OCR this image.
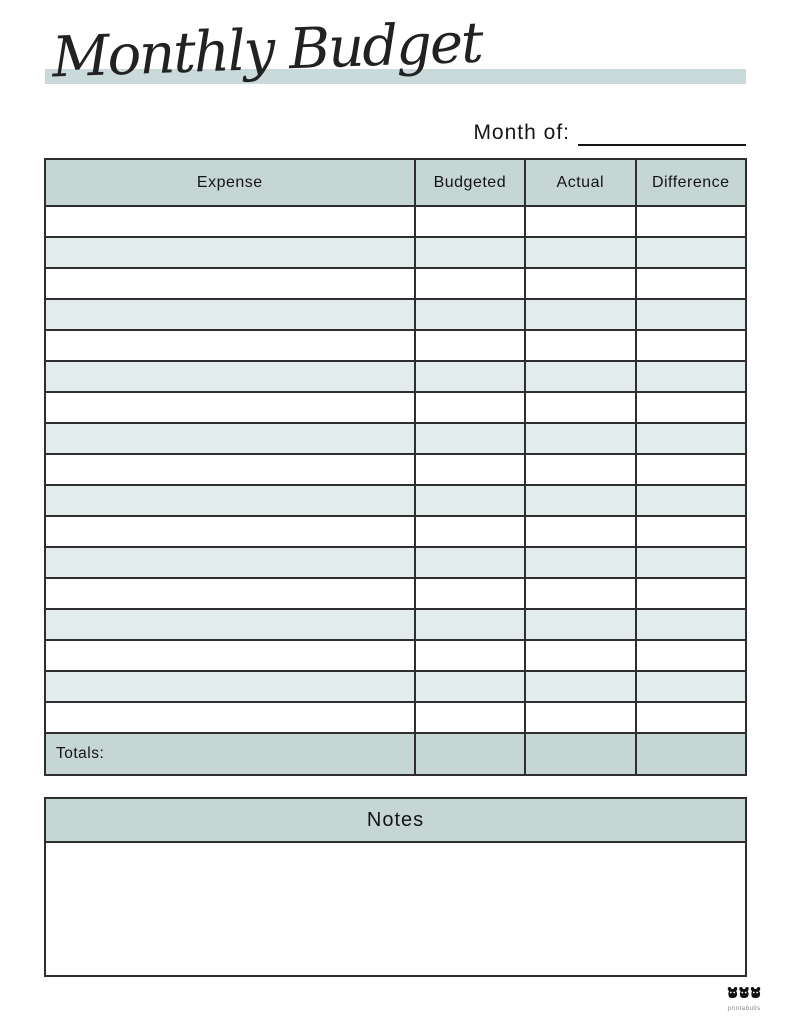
Monthly Budget
Month of:
Expense	Budgeted	Actual	Difference

Totals:			
Notes
printabulls
